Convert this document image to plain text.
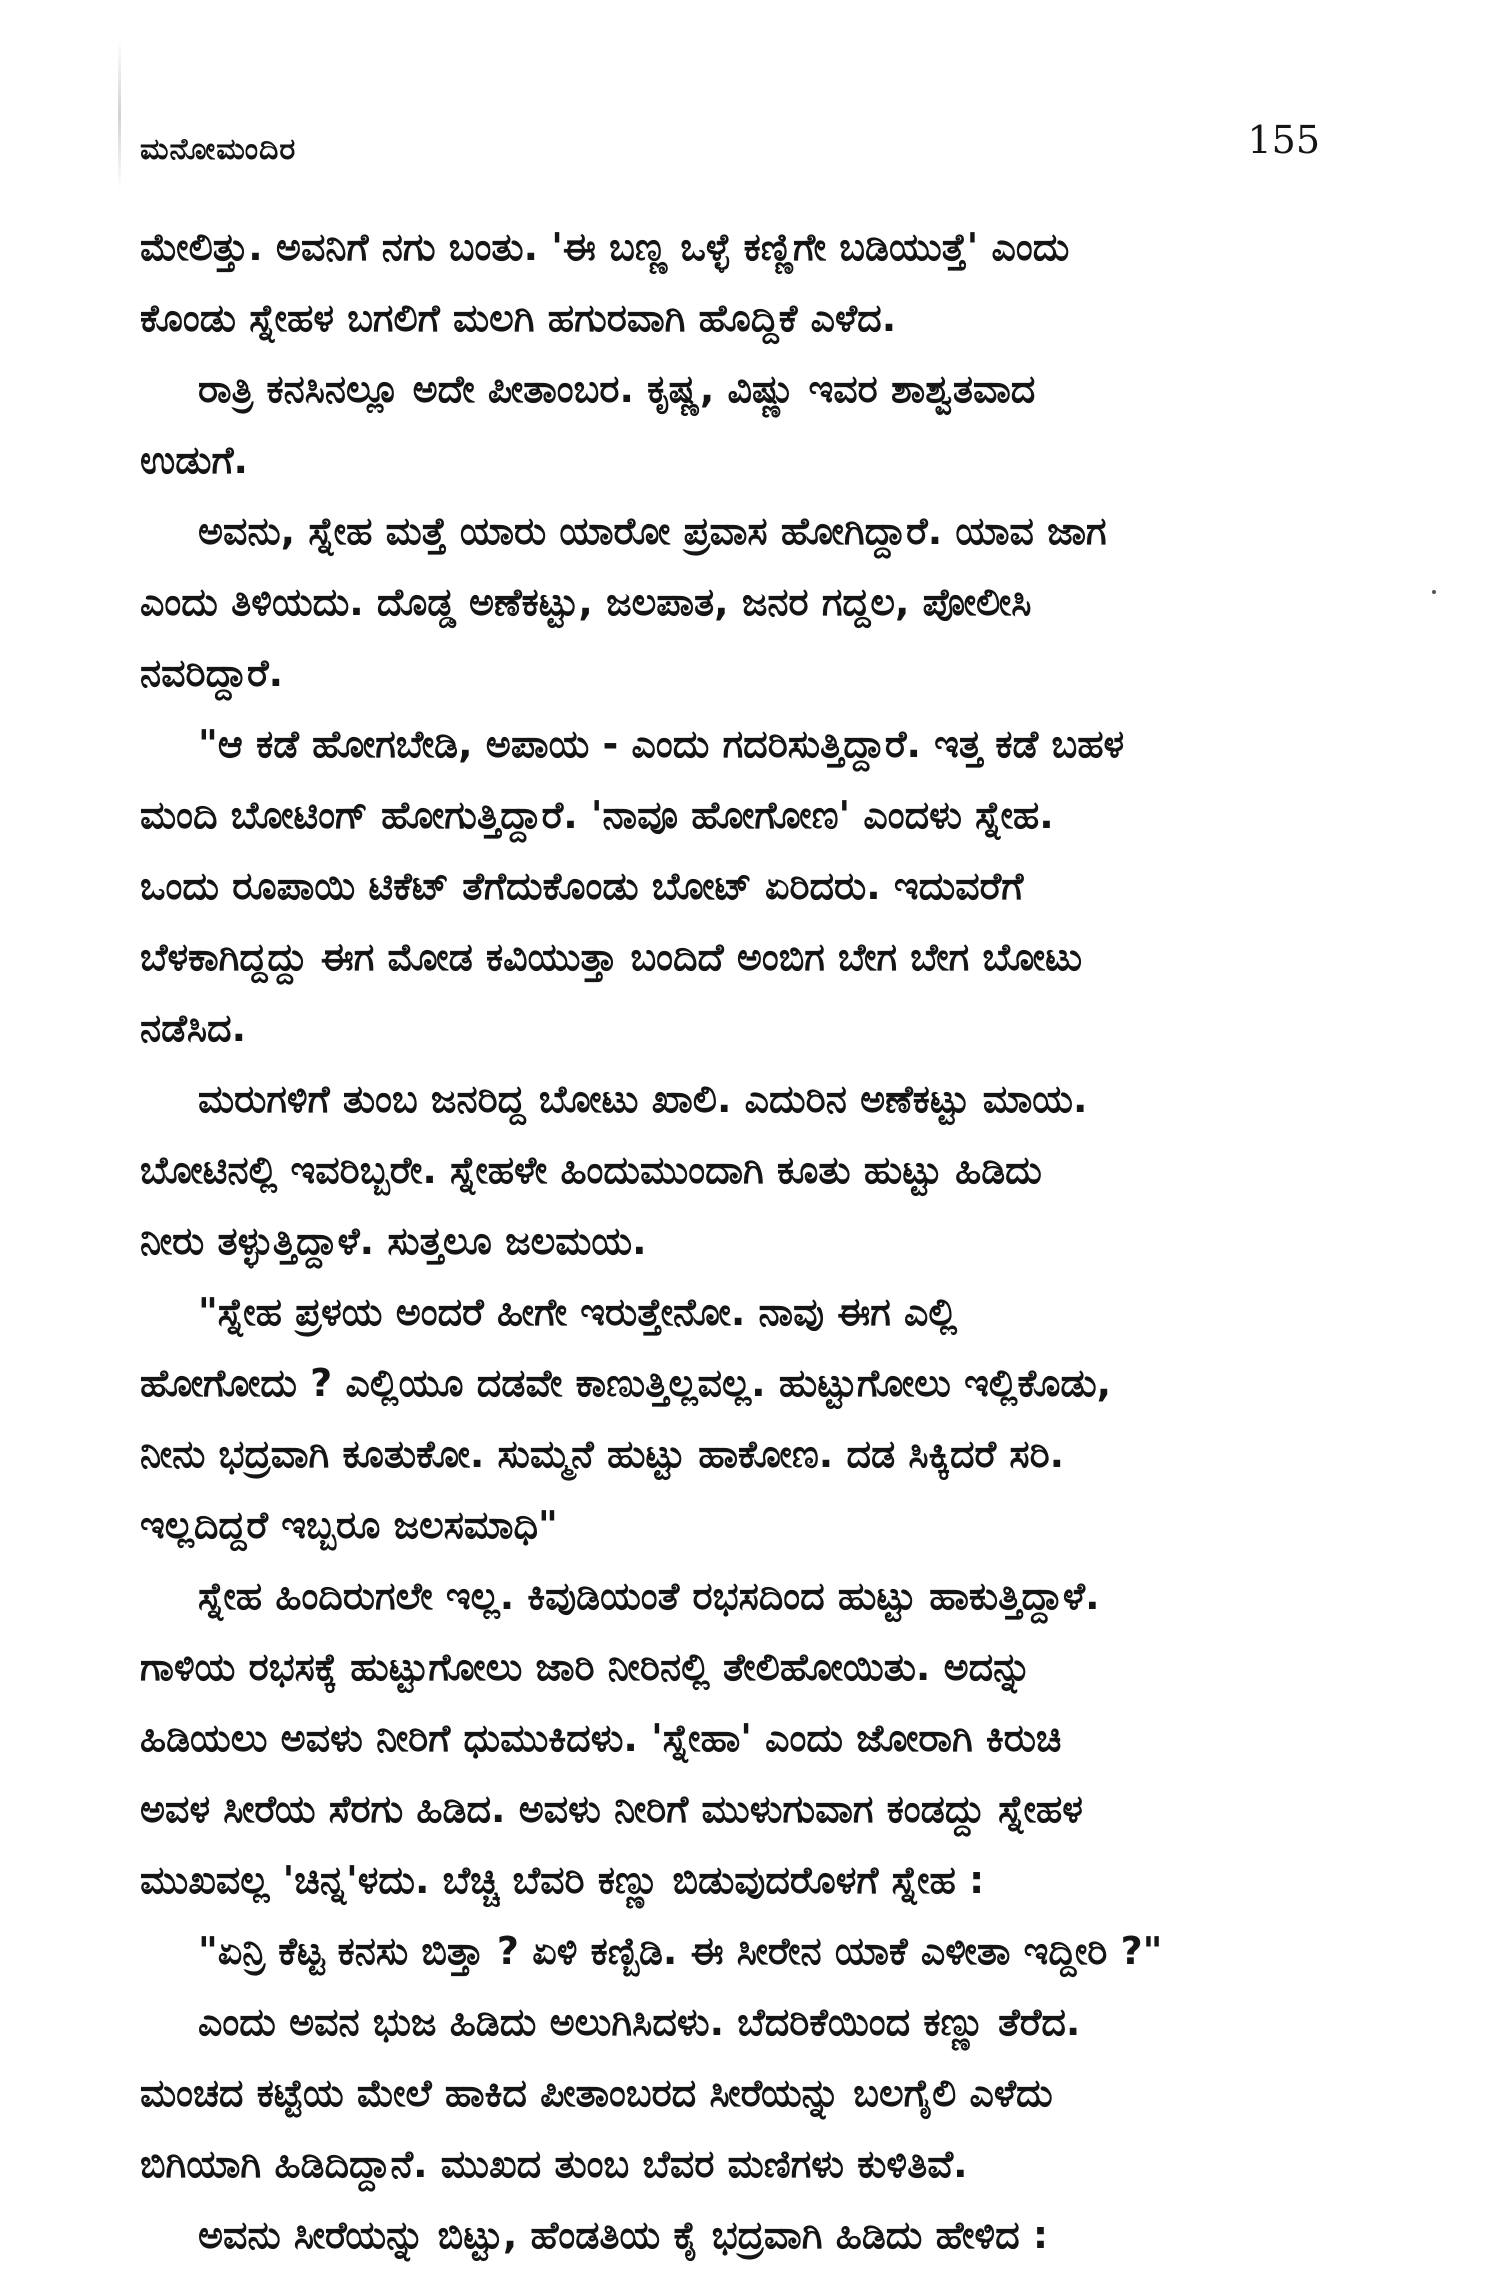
ಮನೋಮಂದಿರ	155
ಮೇಲಿತ್ತು. ಅವನಿಗೆ ನಗು ಬಂತು. 'ಈ ಬಣ್ಣ ಒಳ್ಳೆ ಕಣ್ಣಿಗೇ ಬಡಿಯುತ್ತೆ' ಎಂದು
ಕೊಂಡು ಸ್ನೇಹಳ ಬಗಲಿಗೆ ಮಲಗಿ ಹಗುರವಾಗಿ ಹೊದ್ದಿಕೆ ಎಳೆದ.
ರಾತ್ರಿ ಕನಸಿನಲ್ಲೂ ಅದೇ ಪೀತಾಂಬರ. ಕೃಷ್ಣ, ವಿಷ್ಣು ಇವರ ಶಾಶ್ವತವಾದ
ಉಡುಗೆ.
ಅವನು, ಸ್ನೇಹ ಮತ್ತೆ ಯಾರು ಯಾರೋ ಪ್ರವಾಸ ಹೋಗಿದ್ದಾರೆ. ಯಾವ ಜಾಗ
ಎಂದು ತಿಳಿಯದು. ದೊಡ್ಡ ಅಣೆಕಟ್ಟು, ಜಲಪಾತ, ಜನರ ಗದ್ದಲ, ಪೋಲೀಸಿ
ನವರಿದ್ದಾರೆ.
"ಆ ಕಡೆ ಹೋಗಬೇಡಿ, ಅಪಾಯ - ಎಂದು ಗದರಿಸುತ್ತಿದ್ದಾರೆ. ಇತ್ತ ಕಡೆ ಬಹಳ
ಮಂದಿ ಬೋಟಿಂಗ್ ಹೋಗುತ್ತಿದ್ದಾರೆ. 'ನಾವೂ ಹೋಗೋಣ' ಎಂದಳು ಸ್ನೇಹ.
ಒಂದು ರೂಪಾಯಿ ಟಿಕೆಟ್ ತೆಗೆದುಕೊಂಡು ಬೋಟ್ ಏರಿದರು. ಇದುವರೆಗೆ
ಬೆಳಕಾಗಿದ್ದದ್ದು ಈಗ ಮೋಡ ಕವಿಯುತ್ತಾ ಬಂದಿದೆ ಅಂಬಿಗ ಬೇಗ ಬೇಗ ಬೋಟು
ನಡೆಸಿದ.
ಮರುಗಳಿಗೆ ತುಂಬ ಜನರಿದ್ದ ಬೋಟು ಖಾಲಿ. ಎದುರಿನ ಅಣೆಕಟ್ಟು ಮಾಯ.
ಬೋಟಿನಲ್ಲಿ ಇವರಿಬ್ಬರೇ. ಸ್ನೇಹಳೇ ಹಿಂದುಮುಂದಾಗಿ ಕೂತು ಹುಟ್ಟು ಹಿಡಿದು
ನೀರು ತಳ್ಳುತ್ತಿದ್ದಾಳೆ. ಸುತ್ತಲೂ ಜಲಮಯ.
"ಸ್ನೇಹ ಪ್ರಳಯ ಅಂದರೆ ಹೀಗೇ ಇರುತ್ತೇನೋ. ನಾವು ಈಗ ಎಲ್ಲಿ
ಹೋಗೋದು ? ಎಲ್ಲಿಯೂ ದಡವೇ ಕಾಣುತ್ತಿಲ್ಲವಲ್ಲ. ಹುಟ್ಟುಗೋಲು ಇಲ್ಲಿಕೊಡು,
ನೀನು ಭದ್ರವಾಗಿ ಕೂತುಕೋ. ಸುಮ್ಮನೆ ಹುಟ್ಟು ಹಾಕೋಣ. ದಡ ಸಿಕ್ಕಿದರೆ ಸರಿ.
ಇಲ್ಲದಿದ್ದರೆ ಇಬ್ಬರೂ ಜಲಸಮಾಧಿ"
ಸ್ನೇಹ ಹಿಂದಿರುಗಲೇ ಇಲ್ಲ. ಕಿವುಡಿಯಂತೆ ರಭಸದಿಂದ ಹುಟ್ಟು ಹಾಕುತ್ತಿದ್ದಾಳೆ.
ಗಾಳಿಯ ರಭಸಕ್ಕೆ ಹುಟ್ಟುಗೋಲು ಜಾರಿ ನೀರಿನಲ್ಲಿ ತೇಲಿಹೋಯಿತು. ಅದನ್ನು
ಹಿಡಿಯಲು ಅವಳು ನೀರಿಗೆ ಧುಮುಕಿದಳು. 'ಸ್ನೇಹಾ' ಎಂದು ಜೋರಾಗಿ ಕಿರುಚಿ
ಅವಳ ಸೀರೆಯ ಸೆರಗು ಹಿಡಿದ. ಅವಳು ನೀರಿಗೆ ಮುಳುಗುವಾಗ ಕಂಡದ್ದು ಸ್ನೇಹಳ
ಮುಖವಲ್ಲ 'ಚಿನ್ನ'ಳದು. ಬೆಚ್ಚಿ ಬೆವರಿ ಕಣ್ಣು ಬಿಡುವುದರೊಳಗೆ ಸ್ನೇಹ :
"ಏನ್ರಿ ಕೆಟ್ಟ ಕನಸು ಬಿತ್ತಾ ? ಏಳಿ ಕಣ್ಬಿಡಿ. ಈ ಸೀರೇನ ಯಾಕೆ ಎಳೀತಾ ಇದ್ದೀರಿ ?"
ಎಂದು ಅವನ ಭುಜ ಹಿಡಿದು ಅಲುಗಿಸಿದಳು. ಬೆದರಿಕೆಯಿಂದ ಕಣ್ಣು ತೆರೆದ.
ಮಂಚದ ಕಟ್ಟೆಯ ಮೇಲೆ ಹಾಕಿದ ಪೀತಾಂಬರದ ಸೀರೆಯನ್ನು ಬಲಗೈಲಿ ಎಳೆದು
ಬಿಗಿಯಾಗಿ ಹಿಡಿದಿದ್ದಾನೆ. ಮುಖದ ತುಂಬ ಬೆವರ ಮಣಿಗಳು ಕುಳಿತಿವೆ.
ಅವನು ಸೀರೆಯನ್ನು ಬಿಟ್ಟು, ಹೆಂಡತಿಯ ಕೈ ಭದ್ರವಾಗಿ ಹಿಡಿದು ಹೇಳಿದ :
